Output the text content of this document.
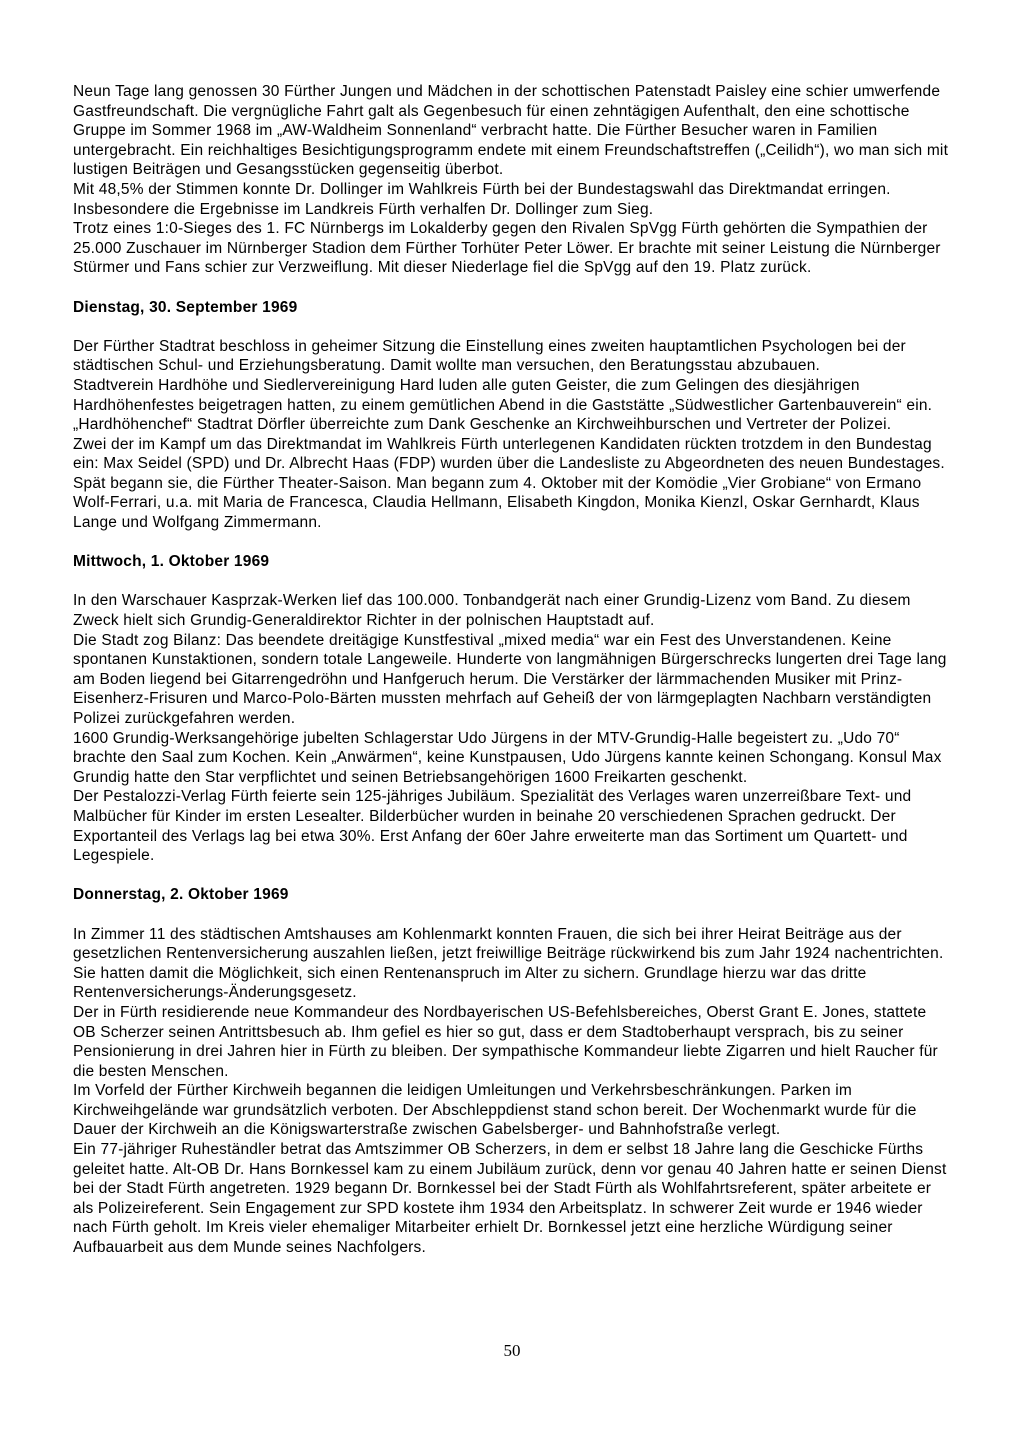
Neun Tage lang genossen 30 Fürther Jungen und Mädchen in der schottischen Patenstadt Paisley eine schier umwerfende Gastfreundschaft. Die vergnügliche Fahrt galt als Gegenbesuch für einen zehntägigen Aufenthalt, den eine schottische Gruppe im Sommer 1968 im „AW-Waldheim Sonnenland“ verbracht hatte. Die Fürther Besucher waren in Familien untergebracht. Ein reichhaltiges Besichtigungsprogramm endete mit einem Freundschaftstreffen („Ceilidh“), wo man sich mit lustigen Beiträgen und Gesangsstücken gegenseitig überbot.

Mit 48,5% der Stimmen konnte Dr. Dollinger im Wahlkreis Fürth bei der Bundestagswahl das Direktmandat erringen. Insbesondere die Ergebnisse im Landkreis Fürth verhalfen Dr. Dollinger zum Sieg.

Trotz eines 1:0-Sieges des 1. FC Nürnbergs im Lokalderby gegen den Rivalen SpVgg Fürth gehörten die Sympathien der 25.000 Zuschauer im Nürnberger Stadion dem Fürther Torhüter Peter Löwer. Er brachte mit seiner Leistung die Nürnberger Stürmer und Fans schier zur Verzweiflung. Mit dieser Niederlage fiel die SpVgg auf den 19. Platz zurück.

Dienstag, 30. September 1969

Der Fürther Stadtrat beschloss in geheimer Sitzung die Einstellung eines zweiten hauptamtlichen Psychologen bei der städtischen Schul- und Erziehungsberatung. Damit wollte man versuchen, den Beratungsstau abzubauen.

Stadtverein Hardhöhe und Siedlervereinigung Hard luden alle guten Geister, die zum Gelingen des diesjährigen Hardhöhenfestes beigetragen hatten, zu einem gemütlichen Abend in die Gaststätte „Südwestlicher Gartenbauverein“ ein. „Hardhöhenchef“ Stadtrat Dörfler überreichte zum Dank Geschenke an Kirchweihburschen und Vertreter der Polizei.

Zwei der im Kampf um das Direktmandat im Wahlkreis Fürth unterlegenen Kandidaten rückten trotzdem in den Bundestag ein: Max Seidel (SPD) und Dr. Albrecht Haas (FDP) wurden über die Landesliste zu Abgeordneten des neuen Bundestages.

Spät begann sie, die Fürther Theater-Saison. Man begann zum 4. Oktober mit der Komödie „Vier Grobiane“ von Ermano Wolf-Ferrari, u.a. mit Maria de Francesca, Claudia Hellmann, Elisabeth Kingdon, Monika Kienzl, Oskar Gernhardt, Klaus Lange und Wolfgang Zimmermann.

Mittwoch, 1. Oktober 1969

In den Warschauer Kasprzak-Werken lief das 100.000. Tonbandgerät nach einer Grundig-Lizenz vom Band. Zu diesem Zweck hielt sich Grundig-Generaldirektor Richter in der polnischen Hauptstadt auf.

Die Stadt zog Bilanz: Das beendete dreitägige Kunstfestival „mixed media“ war ein Fest des Unverstandenen. Keine spontanen Kunstaktionen, sondern totale Langeweile. Hunderte von langmähnigen Bürgerschrecks lungerten drei Tage lang am Boden liegend bei Gitarrengedröhn und Hanfgeruch herum. Die Verstärker der lärmmachenden Musiker mit Prinz-Eisenherz-Frisuren und Marco-Polo-Bärten mussten mehrfach auf Geheiß der von lärmgeplagten Nachbarn verständigten Polizei zurückgefahren werden.

1600 Grundig-Werksangehörige jubelten Schlagerstar Udo Jürgens in der MTV-Grundig-Halle begeistert zu. „Udo 70“ brachte den Saal zum Kochen. Kein „Anwärmen“, keine Kunstpausen, Udo Jürgens kannte keinen Schongang. Konsul Max Grundig hatte den Star verpflichtet und seinen Betriebsangehörigen 1600 Freikarten geschenkt.

Der Pestalozzi-Verlag Fürth feierte sein 125-jähriges Jubiläum. Spezialität des Verlages waren unzerreißbare Text- und Malbücher für Kinder im ersten Lesealter. Bilderbücher wurden in beinahe 20 verschiedenen Sprachen gedruckt. Der Exportanteil des Verlags lag bei etwa 30%. Erst Anfang der 60er Jahre erweiterte man das Sortiment um Quartett- und Legespiele.

Donnerstag, 2. Oktober 1969

In Zimmer 11 des städtischen Amtshauses am Kohlenmarkt konnten Frauen, die sich bei ihrer Heirat Beiträge aus der gesetzlichen Rentenversicherung auszahlen ließen, jetzt freiwillige Beiträge rückwirkend bis zum Jahr 1924 nachentrichten. Sie hatten damit die Möglichkeit, sich einen Rentenanspruch im Alter zu sichern. Grundlage hierzu war das dritte Rentenversicherungs-Änderungsgesetz.

Der in Fürth residierende neue Kommandeur des Nordbayerischen US-Befehlsbereiches, Oberst Grant E. Jones, stattete OB Scherzer seinen Antrittsbesuch ab. Ihm gefiel es hier so gut, dass er dem Stadtoberhaupt versprach, bis zu seiner Pensionierung in drei Jahren hier in Fürth zu bleiben. Der sympathische Kommandeur liebte Zigarren und hielt Raucher für die besten Menschen.

Im Vorfeld der Fürther Kirchweih begannen die leidigen Umleitungen und Verkehrsbeschränkungen. Parken im Kirchweihgelände war grundsätzlich verboten. Der Abschleppdienst stand schon bereit. Der Wochenmarkt wurde für die Dauer der Kirchweih an die Königswarterstraße zwischen Gabelsberger- und Bahnhofstraße verlegt.

Ein 77-jähriger Ruheständler betrat das Amtszimmer OB Scherzers, in dem er selbst 18 Jahre lang die Geschicke Fürths geleitet hatte. Alt-OB Dr. Hans Bornkessel kam zu einem Jubiläum zurück, denn vor genau 40 Jahren hatte er seinen Dienst bei der Stadt Fürth angetreten. 1929 begann Dr. Bornkessel bei der Stadt Fürth als Wohlfahrtsreferent, später arbeitete er als Polizeireferent. Sein Engagement zur SPD kostete ihm 1934 den Arbeitsplatz. In schwerer Zeit wurde er 1946 wieder nach Fürth geholt. Im Kreis vieler ehemaliger Mitarbeiter erhielt Dr. Bornkessel jetzt eine herzliche Würdigung seiner Aufbauarbeit aus dem Munde seines Nachfolgers.

50
